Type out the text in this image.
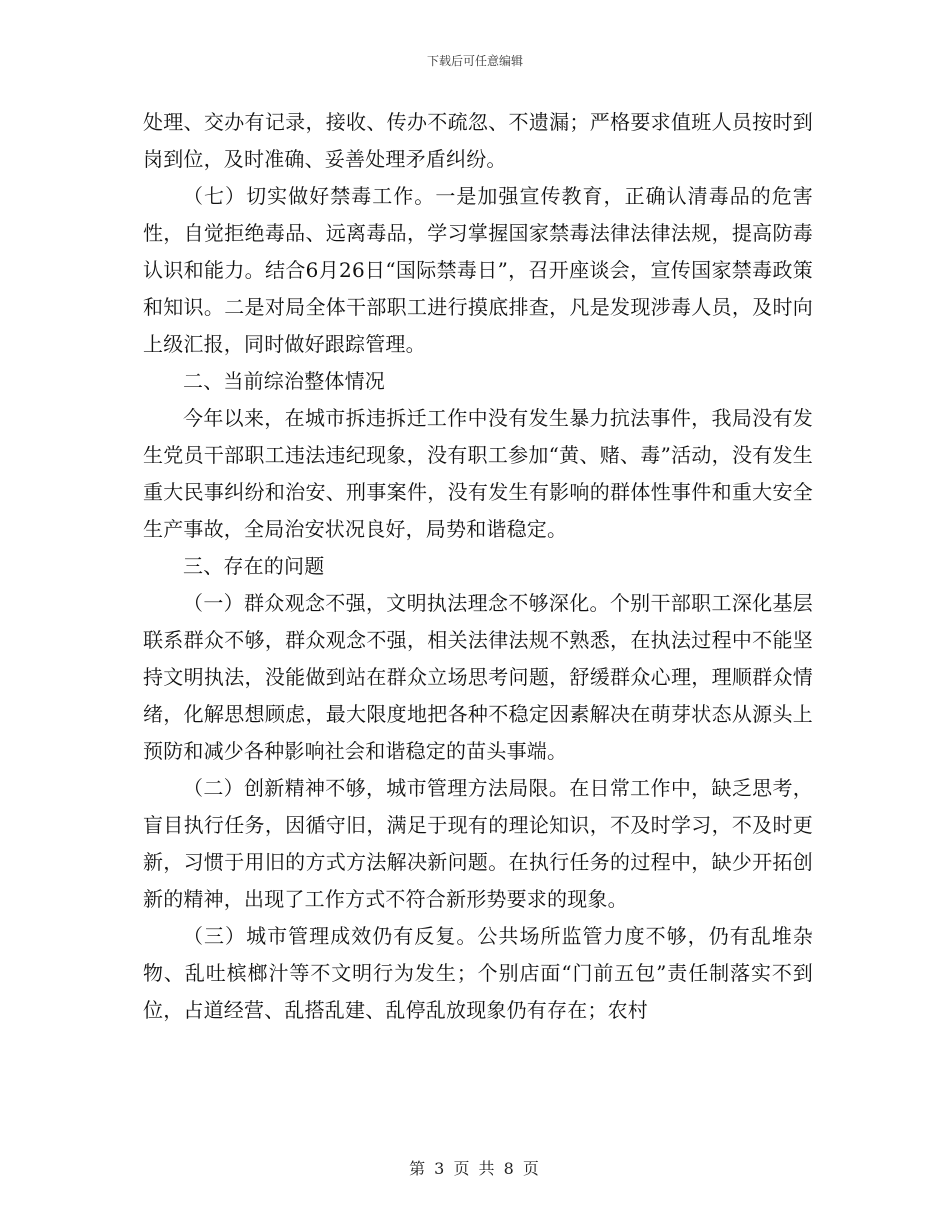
下载后可任意编辑

处理、交办有记录，接收、传办不疏忽、不遗漏；严格要求值班人员按时到岗到位，及时准确、妥善处理矛盾纠纷。

（七）切实做好禁毒工作。一是加强宣传教育，正确认清毒品的危害性，自觉拒绝毒品、远离毒品，学习掌握国家禁毒法律法律法规，提高防毒认识和能力。结合6月26日“国际禁毒日”，召开座谈会，宣传国家禁毒政策和知识。二是对局全体干部职工进行摸底排查，凡是发现涉毒人员，及时向上级汇报，同时做好跟踪管理。

二、当前综治整体情况

今年以来，在城市拆违拆迁工作中没有发生暴力抗法事件，我局没有发生党员干部职工违法违纪现象，没有职工参加“黄、赌、毒”活动，没有发生重大民事纠纷和治安、刑事案件，没有发生有影响的群体性事件和重大安全生产事故，全局治安状况良好，局势和谐稳定。

三、存在的问题

（一）群众观念不强，文明执法理念不够深化。个别干部职工深化基层联系群众不够，群众观念不强，相关法律法规不熟悉，在执法过程中不能坚持文明执法，没能做到站在群众立场思考问题，舒缓群众心理，理顺群众情绪，化解思想顾虑，最大限度地把各种不稳定因素解决在萌芽状态从源头上预防和减少各种影响社会和谐稳定的苗头事端。

（二）创新精神不够，城市管理方法局限。在日常工作中，缺乏思考，盲目执行任务，因循守旧，满足于现有的理论知识，不及时学习，不及时更新，习惯于用旧的方式方法解决新问题。在执行任务的过程中，缺少开拓创新的精神，出现了工作方式不符合新形势要求的现象。

（三）城市管理成效仍有反复。公共场所监管力度不够，仍有乱堆杂物、乱吐槟榔汁等不文明行为发生；个别店面“门前五包”责任制落实不到位，占道经营、乱搭乱建、乱停乱放现象仍有存在；农村

第 3 页 共 8 页
